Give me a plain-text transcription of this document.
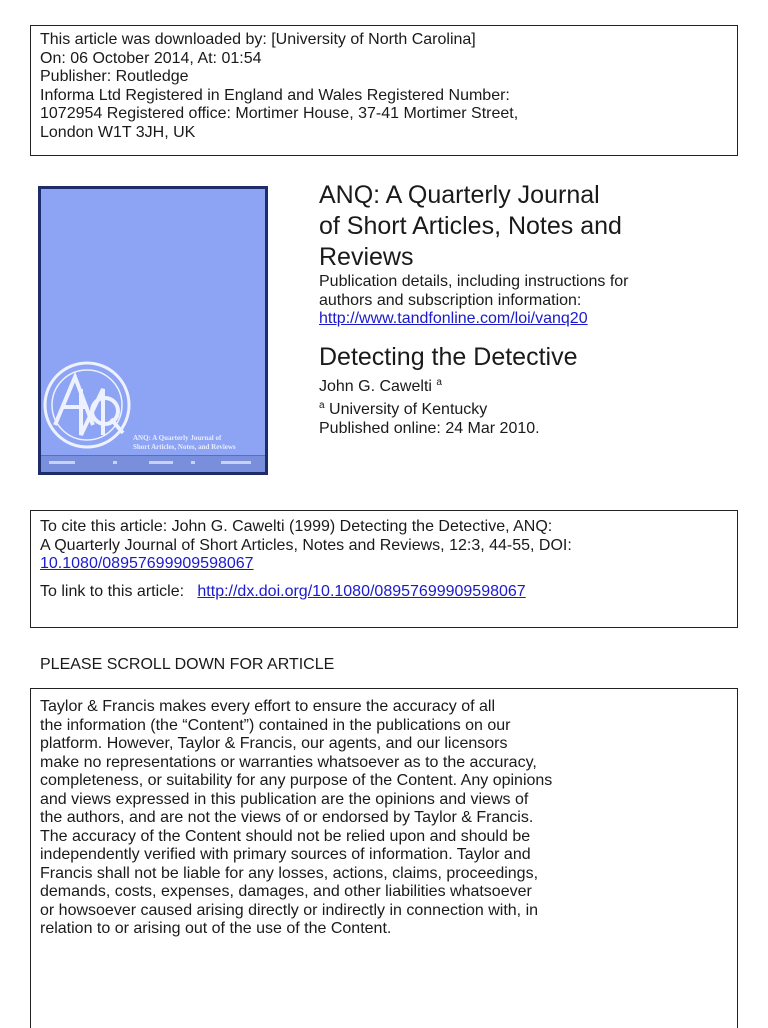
This article was downloaded by: [University of North Carolina]
On: 06 October 2014, At: 01:54
Publisher: Routledge
Informa Ltd Registered in England and Wales Registered Number:
1072954 Registered office: Mortimer House, 37-41 Mortimer Street,
London W1T 3JH, UK
ANQ: A Quarterly Journal of
Short Articles, Notes, and Reviews
ANQ: A Quarterly Journal
of Short Articles, Notes and
Reviews
Publication details, including instructions for
authors and subscription information:
http://www.tandfonline.com/loi/vanq20
Detecting the Detective
John G. Cawelti $^a$
$^a$ University of Kentucky
Published online: 24 Mar 2010.
To cite this article: John G. Cawelti (1999) Detecting the Detective, ANQ:
A Quarterly Journal of Short Articles, Notes and Reviews, 12:3, 44-55, DOI:
10.1080/08957699909598067
To link to this article: http://dx.doi.org/10.1080/08957699909598067
PLEASE SCROLL DOWN FOR ARTICLE
Taylor & Francis makes every effort to ensure the accuracy of all
the information (the “Content”) contained in the publications on our
platform. However, Taylor & Francis, our agents, and our licensors
make no representations or warranties whatsoever as to the accuracy,
completeness, or suitability for any purpose of the Content. Any opinions
and views expressed in this publication are the opinions and views of
the authors, and are not the views of or endorsed by Taylor & Francis.
The accuracy of the Content should not be relied upon and should be
independently verified with primary sources of information. Taylor and
Francis shall not be liable for any losses, actions, claims, proceedings,
demands, costs, expenses, damages, and other liabilities whatsoever
or howsoever caused arising directly or indirectly in connection with, in
relation to or arising out of the use of the Content.
